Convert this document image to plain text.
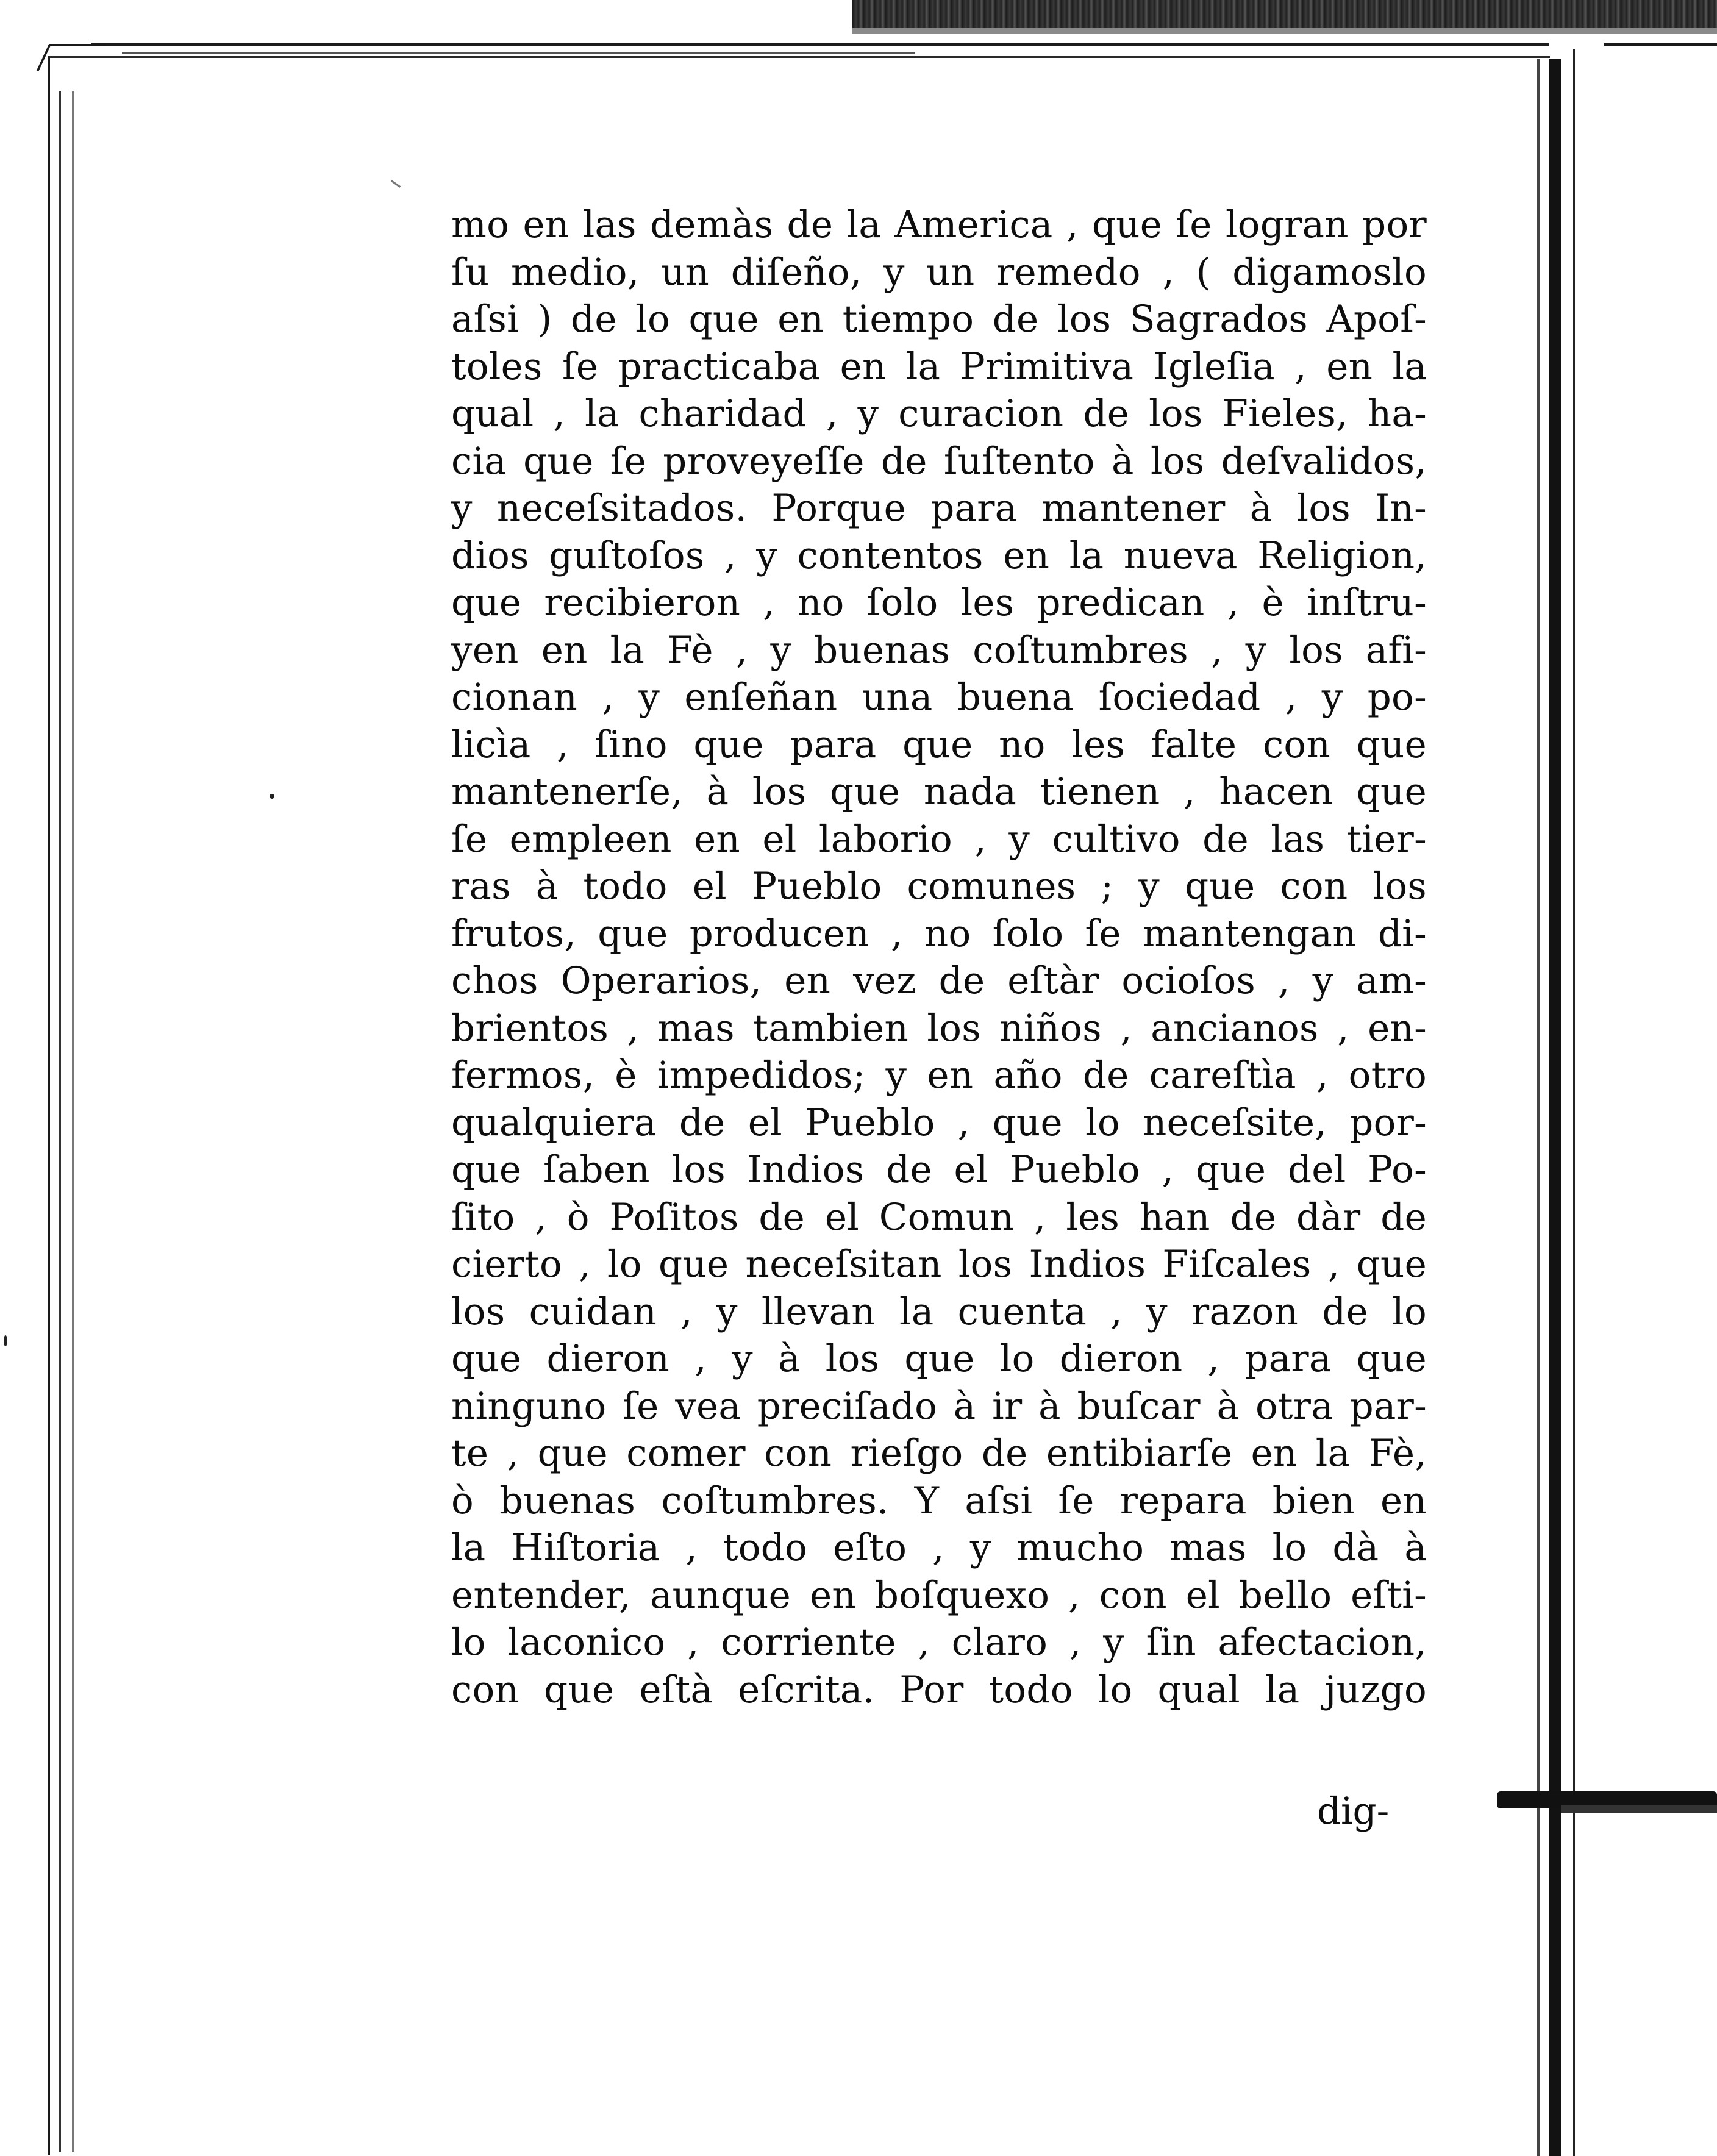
mo en las demàs de la America , que ſe logran por
ſu medio, un diſeño, y un remedo , ( digamoslo
aſsi ) de lo que en tiempo de los Sagrados Apoſ-
toles ſe practicaba en la Primitiva Igleſia , en la
qual , la charidad , y curacion de los Fieles, ha-
cia que ſe proveyeſſe de ſuſtento à los deſvalidos,
y neceſsitados. Porque para mantener à los In-
dios guſtoſos , y contentos en la nueva Religion,
que recibieron , no ſolo les predican , è inſtru-
yen en la Fè , y buenas coſtumbres , y los afi-
cionan , y enſeñan una buena ſociedad , y po-
licìa , ſino que para que no les falte con que
mantenerſe, à los que nada tienen , hacen que
ſe empleen en el laborio , y cultivo de las tier-
ras à todo el Pueblo comunes ; y que con los
frutos, que producen , no ſolo ſe mantengan di-
chos Operarios, en vez de eſtàr ocioſos , y am-
brientos , mas tambien los niños , ancianos , en-
fermos, è impedidos; y en año de careſtìa , otro
qualquiera de el Pueblo , que lo neceſsite, por-
que ſaben los Indios de el Pueblo , que del Po-
ſito , ò Poſitos de el Comun , les han de dàr de
cierto , lo que neceſsitan los Indios Fiſcales , que
los cuidan , y llevan la cuenta , y razon de lo
que dieron , y à los que lo dieron , para que
ninguno ſe vea preciſado à ir à buſcar à otra par-
te , que comer con rieſgo de entibiarſe en la Fè,
ò buenas coſtumbres. Y aſsi ſe repara bien en
la Hiſtoria , todo eſto , y mucho mas lo dà à
entender, aunque en boſquexo , con el bello eſti-
lo laconico , corriente , claro , y ſin afectacion,
con que eſtà eſcrita. Por todo lo qual la juzgo
dig-
